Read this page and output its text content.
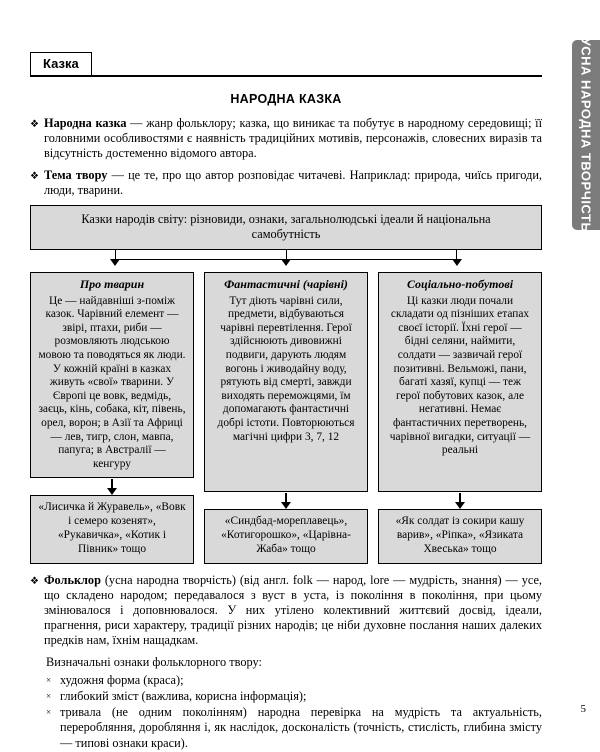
УСНА НАРОДНА ТВОРЧІСТЬ
Казка
НАРОДНА КАЗКА
❖ Народна казка — жанр фольклору; казка, що виникає та побутує в народному середовищі; її головними особливостями є наявність традиційних мотивів, персонажів, словесних виразів та відсутність достеменно відомого автора.
❖ Тема твору — це те, про що автор розповідає читачеві. Наприклад: природа, чиїсь пригоди, люди, тварини.
Казки народів світу: різновиди, ознаки, загальнолюдські ідеали й національна самобутність
Про тварин
Це — найдавніші з-поміж казок. Чарівний елемент — звірі, птахи, риби — розмовляють людською мовою та поводяться як люди. У кожній країні в казках живуть «свої» тварини. У Європі це вовк, ведмідь, заєць, кінь, собака, кіт, півень, орел, ворон; в Азії та Африці — лев, тигр, слон, мавпа, папуга; в Австралії — кенгуру
«Лисичка й Журавель», «Вовк і семеро козенят», «Рукавичка», «Котик і Півник» тощо
Фантастичні (чарівні)
Тут діють чарівні сили, предмети, відбуваються чарівні перевтілення. Герої здійснюють дивовижні подвиги, дарують людям вогонь і живодайну воду, рятують від смерті, завжди виходять переможцями, їм допомагають фантастичні добрі істоти. Повторюються магічні цифри 3, 7, 12
«Синдбад-мореплавець», «Котигорошко», «Царівна-Жаба» тощо
Соціально-побутові
Ці казки люди почали складати од пізніших етапах своєї історії. Їхні герої — бідні селяни, наймити, солдати — зазвичай герої позитивні. Вельможі, пани, багаті хазяї, купці — теж герої побутових казок, але негативні. Немає фантастичних перетворень, чарівної вигадки, ситуації — реальні
«Як солдат із сокири кашу варив», «Ріпка», «Язиката Хвеська» тощо
❖ Фольклор (усна народна творчість) (від англ. folk — народ, lore — мудрість, знання) — усе, що складено народом; передавалося з вуст в уста, із покоління в покоління, при цьому змінювалося і доповнювалося. У них утілено колективний життєвий досвід, ідеали, прагнення, риси характеру, традиції різних народів; це ніби духовне послання наших далеких предків нам, їхнім нащадкам.
Визначальні ознаки фольклорного твору:
× художня форма (краса);
× глибокий зміст (важлива, корисна інформація);
× тривала (не одним поколінням) народна перевірка на мудрість та актуальність, переробляння, доробляння і, як наслідок, досконалість (точність, стислість, глибина змісту — типові ознаки краси).
5
